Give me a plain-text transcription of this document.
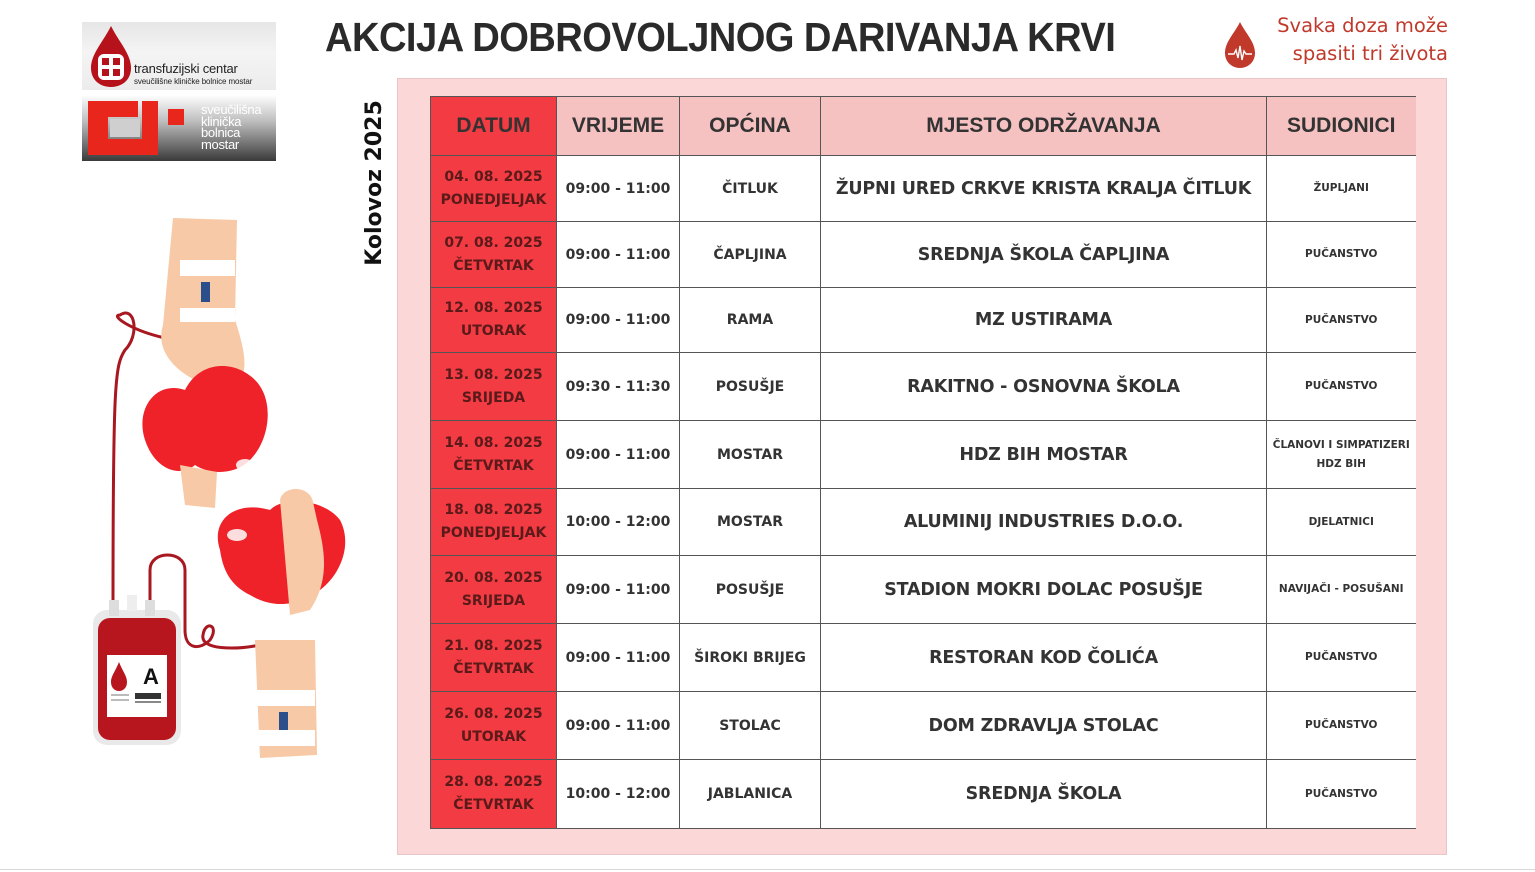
transfuzijski centar
sveučilišne kliničke bolnice mostar
sveučilišna
klinička
bolnica
mostar
AKCIJA DOBROVOLJNOG DARIVANJA KRVI	Svaka doza može
spasiti tri života
A
Kolovoz 2025	DATUM	VRIJEME	OPĆINA	MJESTO ODRŽAVANJA	SUDIONICI

04. 08. 2025
PONEDJELJAK	09:00 - 11:00	ČITLUK	ŽUPNI URED CRKVE KRISTA KRALJA ČITLUK	ŽUPLJANI

07. 08. 2025
ČETVRTAK	09:00 - 11:00	ČAPLJINA	SREDNJA ŠKOLA ČAPLJINA	PUČANSTVO

12. 08. 2025
UTORAK	09:00 - 11:00	RAMA	MZ USTIRAMA	PUČANSTVO

13. 08. 2025
SRIJEDA	09:30 - 11:30	POSUŠJE	RAKITNO - OSNOVNA ŠKOLA	PUČANSTVO

14. 08. 2025
ČETVRTAK	09:00 - 11:00	MOSTAR	HDZ BIH MOSTAR	ČLANOVI I SIMPATIZERI HDZ BIH

18. 08. 2025
PONEDJELJAK	10:00 - 12:00	MOSTAR	ALUMINIJ INDUSTRIES D.O.O.	DJELATNICI

20. 08. 2025
SRIJEDA	09:00 - 11:00	POSUŠJE	STADION MOKRI DOLAC POSUŠJE	NAVIJAČI - POSUŠANI

21. 08. 2025
ČETVRTAK	09:00 - 11:00	ŠIROKI BRIJEG	RESTORAN KOD ČOLIĆA	PUČANSTVO

26. 08. 2025
UTORAK	09:00 - 11:00	STOLAC	DOM ZDRAVLJA STOLAC	PUČANSTVO

28. 08. 2025
ČETVRTAK	10:00 - 12:00	JABLANICA	SREDNJA ŠKOLA	PUČANSTVO
